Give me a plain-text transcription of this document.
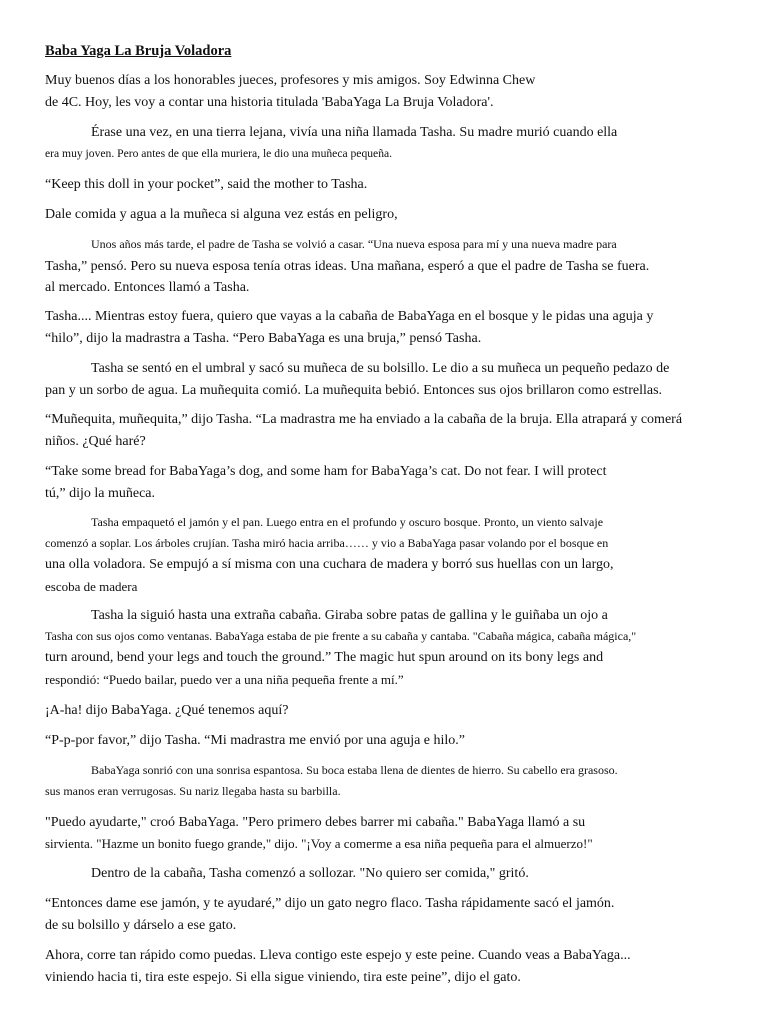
Baba Yaga La Bruja Voladora

Muy buenos días a los honorables jueces, profesores y mis amigos. Soy Edwinna Chew

de 4C. Hoy, les voy a contar una historia titulada 'BabaYaga La Bruja Voladora'.

Érase una vez, en una tierra lejana, vivía una niña llamada Tasha. Su madre murió cuando ella

era muy joven. Pero antes de que ella muriera, le dio una muñeca pequeña.

“Keep this doll in your pocket”, said the mother to Tasha.

Dale comida y agua a la muñeca si alguna vez estás en peligro,

Unos años más tarde, el padre de Tasha se volvió a casar. “Una nueva esposa para mí y una nueva madre para

Tasha,” pensó. Pero su nueva esposa tenía otras ideas. Una mañana, esperó a que el padre de Tasha se fuera.

al mercado. Entonces llamó a Tasha.

Tasha.... Mientras estoy fuera, quiero que vayas a la cabaña de BabaYaga en el bosque y le pidas una aguja y

“hilo”, dijo la madrastra a Tasha. “Pero BabaYaga es una bruja,” pensó Tasha.

Tasha se sentó en el umbral y sacó su muñeca de su bolsillo. Le dio a su muñeca un pequeño pedazo de

pan y un sorbo de agua. La muñequita comió. La muñequita bebió. Entonces sus ojos brillaron como estrellas.

“Muñequita, muñequita,” dijo Tasha. “La madrastra me ha enviado a la cabaña de la bruja. Ella atrapará y comerá

niños. ¿Qué haré?

“Take some bread for BabaYaga’s dog, and some ham for BabaYaga’s cat. Do not fear. I will protect

tú,” dijo la muñeca.

Tasha empaquetó el jamón y el pan. Luego entra en el profundo y oscuro bosque. Pronto, un viento salvaje

comenzó a soplar. Los árboles crujían. Tasha miró hacia arriba…… y vio a BabaYaga pasar volando por el bosque en

una olla voladora. Se empujó a sí misma con una cuchara de madera y borró sus huellas con un largo,

escoba de madera

Tasha la siguió hasta una extraña cabaña. Giraba sobre patas de gallina y le guiñaba un ojo a

Tasha con sus ojos como ventanas. BabaYaga estaba de pie frente a su cabaña y cantaba. "Cabaña mágica, cabaña mágica,"

turn around, bend your legs and touch the ground.” The magic hut spun around on its bony legs and

respondió: “Puedo bailar, puedo ver a una niña pequeña frente a mí.”

¡A-ha! dijo BabaYaga. ¿Qué tenemos aquí?

“P-p-por favor,” dijo Tasha. “Mi madrastra me envió por una aguja e hilo.”

BabaYaga sonrió con una sonrisa espantosa. Su boca estaba llena de dientes de hierro. Su cabello era grasoso.

sus manos eran verrugosas. Su nariz llegaba hasta su barbilla.

"Puedo ayudarte," croó BabaYaga. "Pero primero debes barrer mi cabaña." BabaYaga llamó a su

sirvienta. "Hazme un bonito fuego grande," dijo. "¡Voy a comerme a esa niña pequeña para el almuerzo!"

Dentro de la cabaña, Tasha comenzó a sollozar. "No quiero ser comida," gritó.

“Entonces dame ese jamón, y te ayudaré,” dijo un gato negro flaco. Tasha rápidamente sacó el jamón.

de su bolsillo y dárselo a ese gato.

Ahora, corre tan rápido como puedas. Lleva contigo este espejo y este peine. Cuando veas a BabaYaga...

viniendo hacia ti, tira este espejo. Si ella sigue viniendo, tira este peine”, dijo el gato.
